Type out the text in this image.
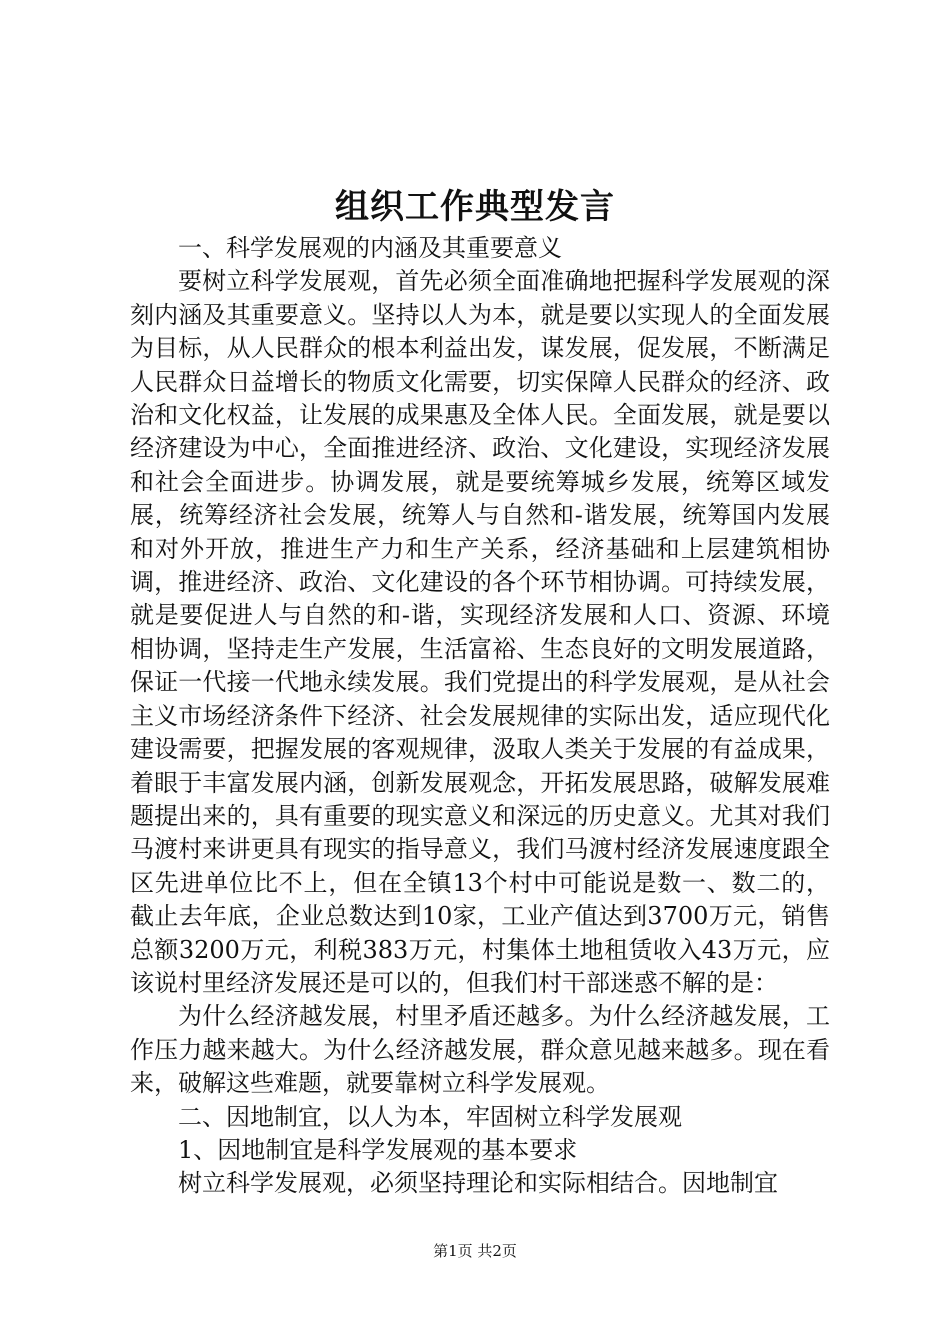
组织工作典型发言

一、科学发展观的内涵及其重要意义

要树立科学发展观，首先必须全面准确地把握科学发展观的深刻内涵及其重要意义。坚持以人为本，就是要以实现人的全面发展为目标，从人民群众的根本利益出发，谋发展，促发展，不断满足人民群众日益增长的物质文化需要，切实保障人民群众的经济、政治和文化权益，让发展的成果惠及全体人民。全面发展，就是要以经济建设为中心，全面推进经济、政治、文化建设，实现经济发展和社会全面进步。协调发展，就是要统筹城乡发展，统筹区域发展，统筹经济社会发展，统筹人与自然和-谐发展，统筹国内发展和对外开放，推进生产力和生产关系，经济基础和上层建筑相协调，推进经济、政治、文化建设的各个环节相协调。可持续发展，就是要促进人与自然的和-谐，实现经济发展和人口、资源、环境相协调，坚持走生产发展，生活富裕、生态良好的文明发展道路，保证一代接一代地永续发展。我们党提出的科学发展观，是从社会主义市场经济条件下经济、社会发展规律的实际出发，适应现代化建设需要，把握发展的客观规律，汲取人类关于发展的有益成果，着眼于丰富发展内涵，创新发展观念，开拓发展思路，破解发展难题提出来的，具有重要的现实意义和深远的历史意义。尤其对我们马渡村来讲更具有现实的指导意义，我们马渡村经济发展速度跟全区先进单位比不上，但在全镇13个村中可能说是数一、数二的，截止去年底，企业总数达到10家，工业产值达到3700万元，销售总额3200万元，利税383万元，村集体土地租赁收入43万元，应该说村里经济发展还是可以的，但我们村干部迷惑不解的是：

为什么经济越发展，村里矛盾还越多。为什么经济越发展，工作压力越来越大。为什么经济越发展，群众意见越来越多。现在看来，破解这些难题，就要靠树立科学发展观。

二、因地制宜，以人为本，牢固树立科学发展观

1、因地制宜是科学发展观的基本要求

树立科学发展观，必须坚持理论和实际相结合。因地制宜

第1页 共2页
